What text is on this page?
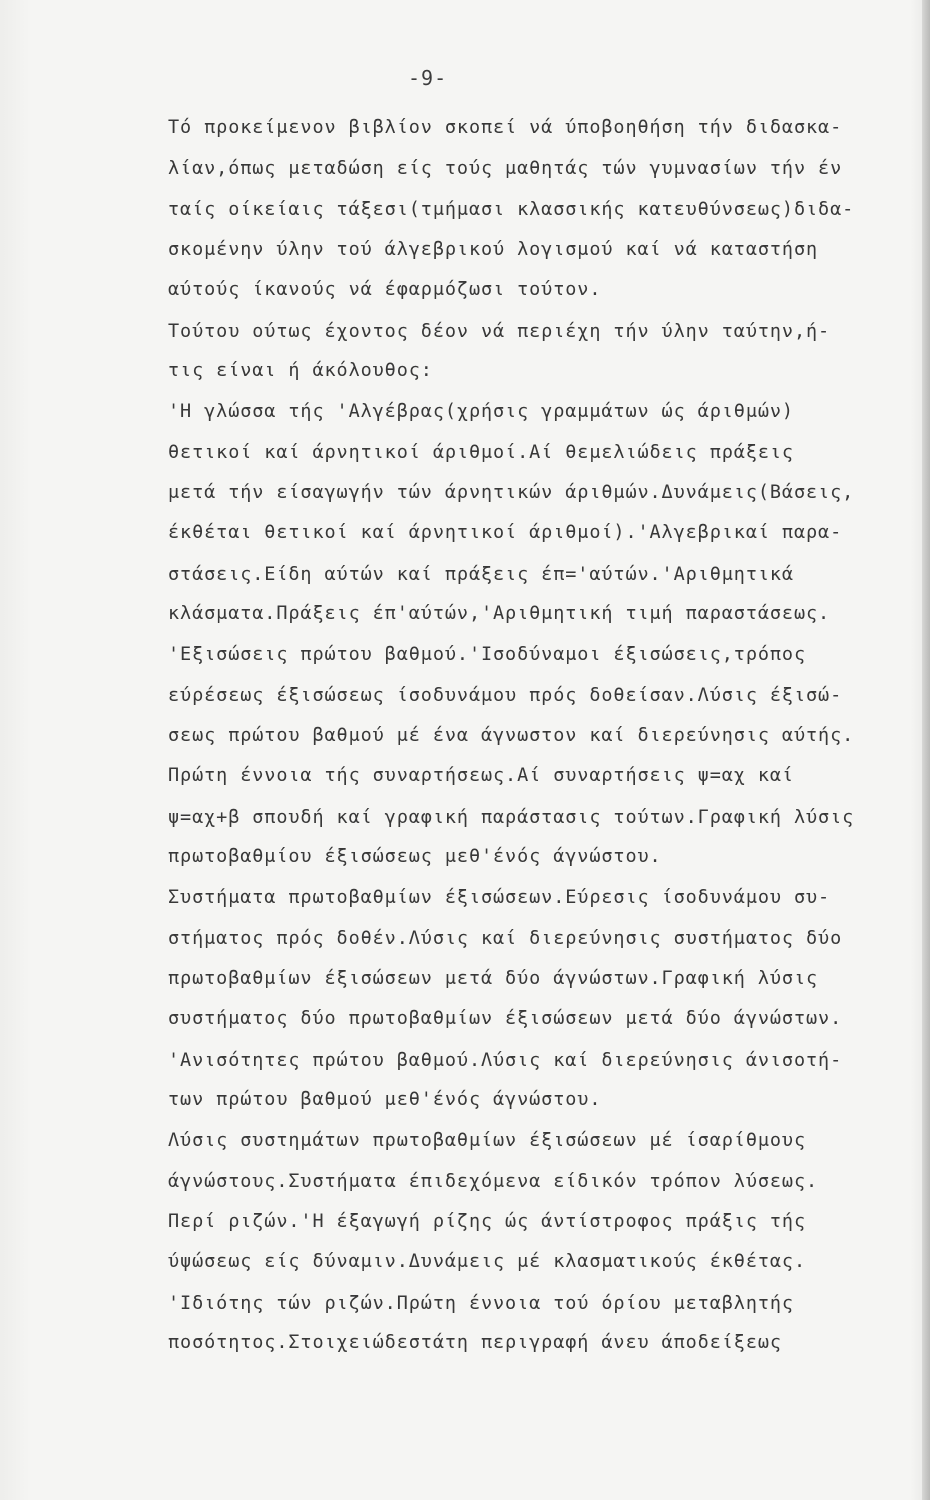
-9-
Τό προκείμενον βιβλίον σκοπεί νά ύποβοηθήση τήν διδασκα-
λίαν,όπως μεταδώση είς τούς μαθητάς τών γυμνασίων τήν έν
ταίς οίκείαις τάξεσι(τμήμασι κλασσικής κατευθύνσεως)διδα-
σκομένην ύλην τού άλγεβρικού λογισμού καί νά καταστήση
αύτούς ίκανούς νά έφαρμόζωσι τούτον.
Τούτου ούτως έχοντος δέον νά περιέχη τήν ύλην ταύτην,ή-
τις είναι ή άκόλουθος:
'Η γλώσσα τής 'Αλγέβρας(χρήσις γραμμάτων ώς άριθμών)
θετικοί καί άρνητικοί άριθμοί.Αί θεμελιώδεις πράξεις
μετά τήν είσαγωγήν τών άρνητικών άριθμών.Δυνάμεις(Βάσεις,
έκθέται θετικοί καί άρνητικοί άριθμοί).'Αλγεβρικαί παρα-
στάσεις.Είδη αύτών καί πράξεις έπ='αύτών.'Αριθμητικά
κλάσματα.Πράξεις έπ'αύτών,'Αριθμητική τιμή παραστάσεως.
'Εξισώσεις πρώτου βαθμού.'Ισοδύναμοι έξισώσεις,τρόπος
εύρέσεως έξισώσεως ίσοδυνάμου πρός δοθείσαν.Λύσις έξισώ-
σεως πρώτου βαθμού μέ ένα άγνωστον καί διερεύνησις αύτής.
Πρώτη έννοια τής συναρτήσεως.Αί συναρτήσεις ψ=αχ καί
ψ=αχ+β σπουδή καί γραφική παράστασις τούτων.Γραφική λύσις
πρωτοβαθμίου έξισώσεως μεθ'ένός άγνώστου.
Συστήματα πρωτοβαθμίων έξισώσεων.Εύρεσις ίσοδυνάμου συ-
στήματος πρός δοθέν.Λύσις καί διερεύνησις συστήματος δύο
πρωτοβαθμίων έξισώσεων μετά δύο άγνώστων.Γραφική λύσις
συστήματος δύο πρωτοβαθμίων έξισώσεων μετά δύο άγνώστων.
'Ανισότητες πρώτου βαθμού.Λύσις καί διερεύνησις άνισοτή-
των πρώτου βαθμού μεθ'ένός άγνώστου.
Λύσις συστημάτων πρωτοβαθμίων έξισώσεων μέ ίσαρίθμους
άγνώστους.Συστήματα έπιδεχόμενα είδικόν τρόπον λύσεως.
Περί ριζών.'Η έξαγωγή ρίζης ώς άντίστροφος πράξις τής
ύψώσεως είς δύναμιν.Δυνάμεις μέ κλασματικούς έκθέτας.
'Ιδιότης τών ριζών.Πρώτη έννοια τού όρίου μεταβλητής
ποσότητος.Στοιχειώδεστάτη περιγραφή άνευ άποδείξεως
